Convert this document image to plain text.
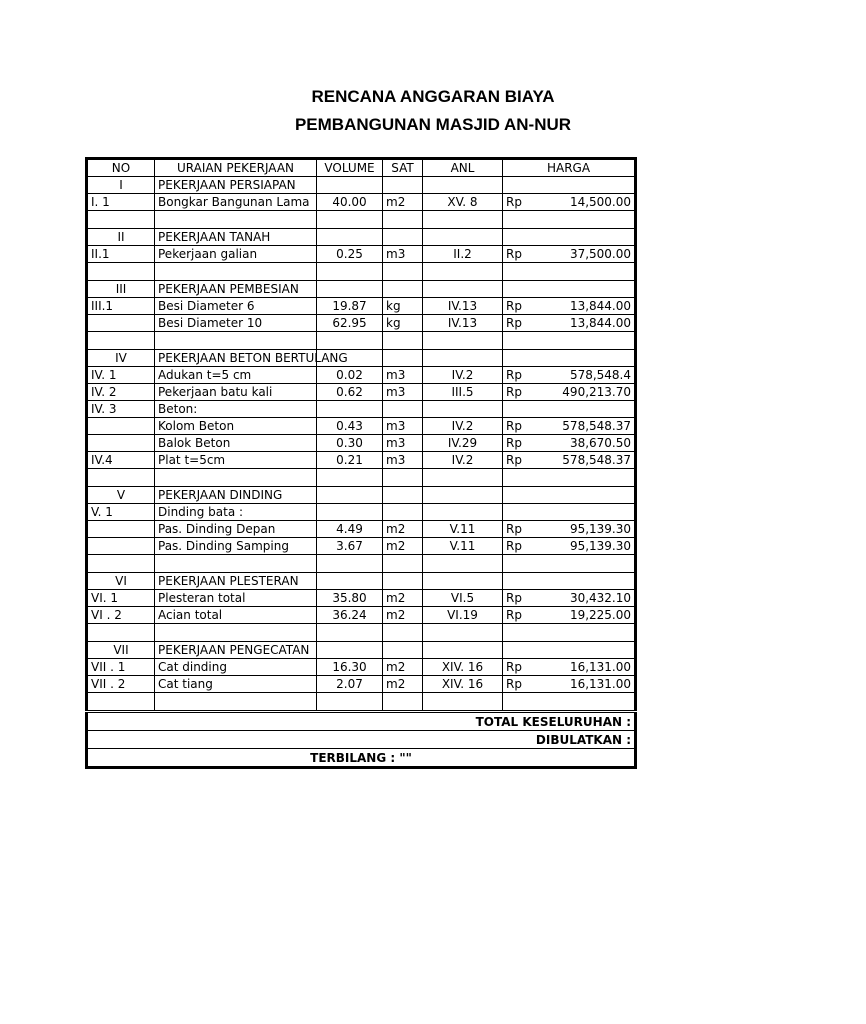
RENCANA ANGGARAN BIAYA
PEMBANGUNAN MASJID AN-NUR
NO	URAIAN PEKERJAAN	VOLUME	SAT	ANL	HARGA	
I	PEKERJAAN PERSIAPAN					
I. 1	Bongkar Bangunan Lama	40.00	m2	XV. 8	Rp	14,500.00

II	PEKERJAAN TANAH					
II.1	Pekerjaan galian	0.25	m3	II.2	Rp	37,500.00

III	PEKERJAAN PEMBESIAN					
III.1	Besi Diameter 6	19.87	kg	IV.13	Rp	13,844.00
	Besi Diameter 10	62.95	kg	IV.13	Rp	13,844.00

IV	PEKERJAAN BETON BERTULANG					
IV. 1	Adukan t=5 cm	0.02	m3	IV.2	Rp	578,548.4
IV. 2	Pekerjaan batu kali	0.62	m3	III.5	Rp	490,213.70
IV. 3	Beton:					
	Kolom Beton	0.43	m3	IV.2	Rp	578,548.37
	Balok Beton	0.30	m3	IV.29	Rp	38,670.50
IV.4	Plat t=5cm	0.21	m3	IV.2	Rp	578,548.37

V	PEKERJAAN DINDING					
V. 1	Dinding bata :					
	Pas. Dinding Depan	4.49	m2	V.11	Rp	95,139.30
	Pas. Dinding Samping	3.67	m2	V.11	Rp	95,139.30

VI	PEKERJAAN PLESTERAN					
VI. 1	Plesteran total	35.80	m2	VI.5	Rp	30,432.10
VI . 2	Acian total	36.24	m2	VI.19	Rp	19,225.00

VII	PEKERJAAN PENGECATAN					
VII . 1	Cat dinding	16.30	m2	XIV. 16	Rp	16,131.00
VII . 2	Cat tiang	2.07	m2	XIV. 16	Rp	16,131.00

TOTAL KESELURUHAN :						
DIBULATKAN :						
TERBILANG : ""						
